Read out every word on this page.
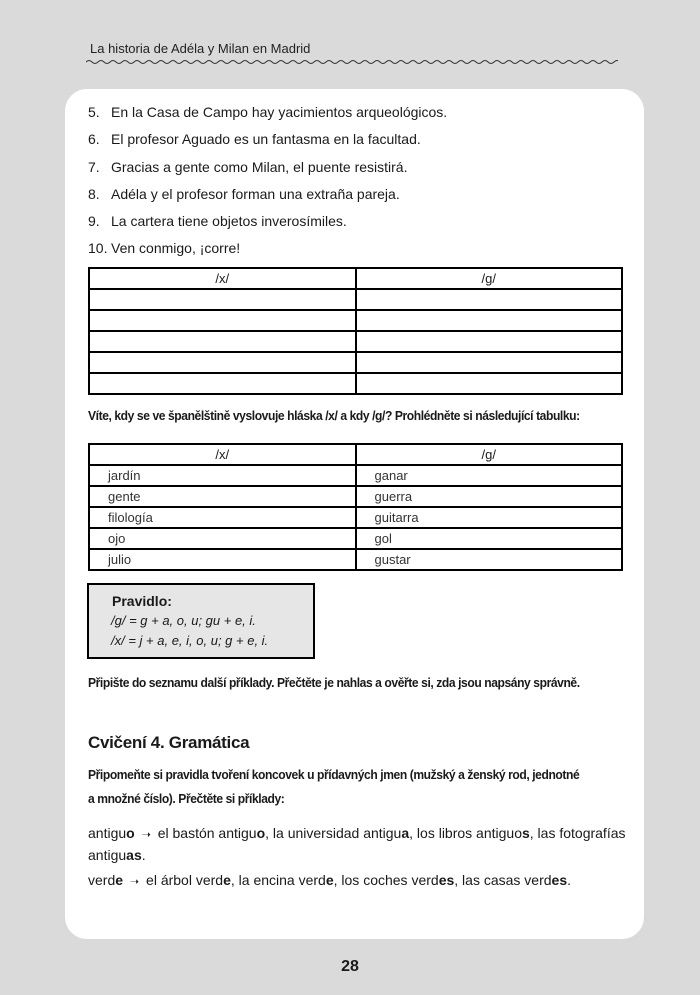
La historia de Adéla y Milan en Madrid
5. En la Casa de Campo hay yacimientos arqueológicos.
6. El profesor Aguado es un fantasma en la facultad.
7. Gracias a gente como Milan, el puente resistirá.
8. Adéla y el profesor forman una extraña pareja.
9. La cartera tiene objetos inverosímiles.
10. Ven conmigo, ¡corre!
/x/	/g/

Víte, kdy se ve španělštině vyslovuje hláska /x/ a kdy /g/? Prohlédněte si následující tabulku:
/x/	/g/
jardín	ganar
gente	guerra
filología	guitarra
ojo	gol
julio	gustar
Pravidlo:
/g/ = g + a, o, u; gu + e, i.
/x/ = j + a, e, i, o, u; g + e, i.
Připište do seznamu další příklady. Přečtěte je nahlas a ověřte si, zda jsou napsány správně.
Cvičení 4. Gramática
Připomeňte si pravidla tvoření koncovek u přídavných jmen (mužský a ženský rod, jednotné
a množné číslo). Přečtěte si příklady:
antiguo ➝ el bastón antiguo, la universidad antigua, los libros antiguos, las fotografías antiguas.
verde ➝ el árbol verde, la encina verde, los coches verdes, las casas verdes.
28
